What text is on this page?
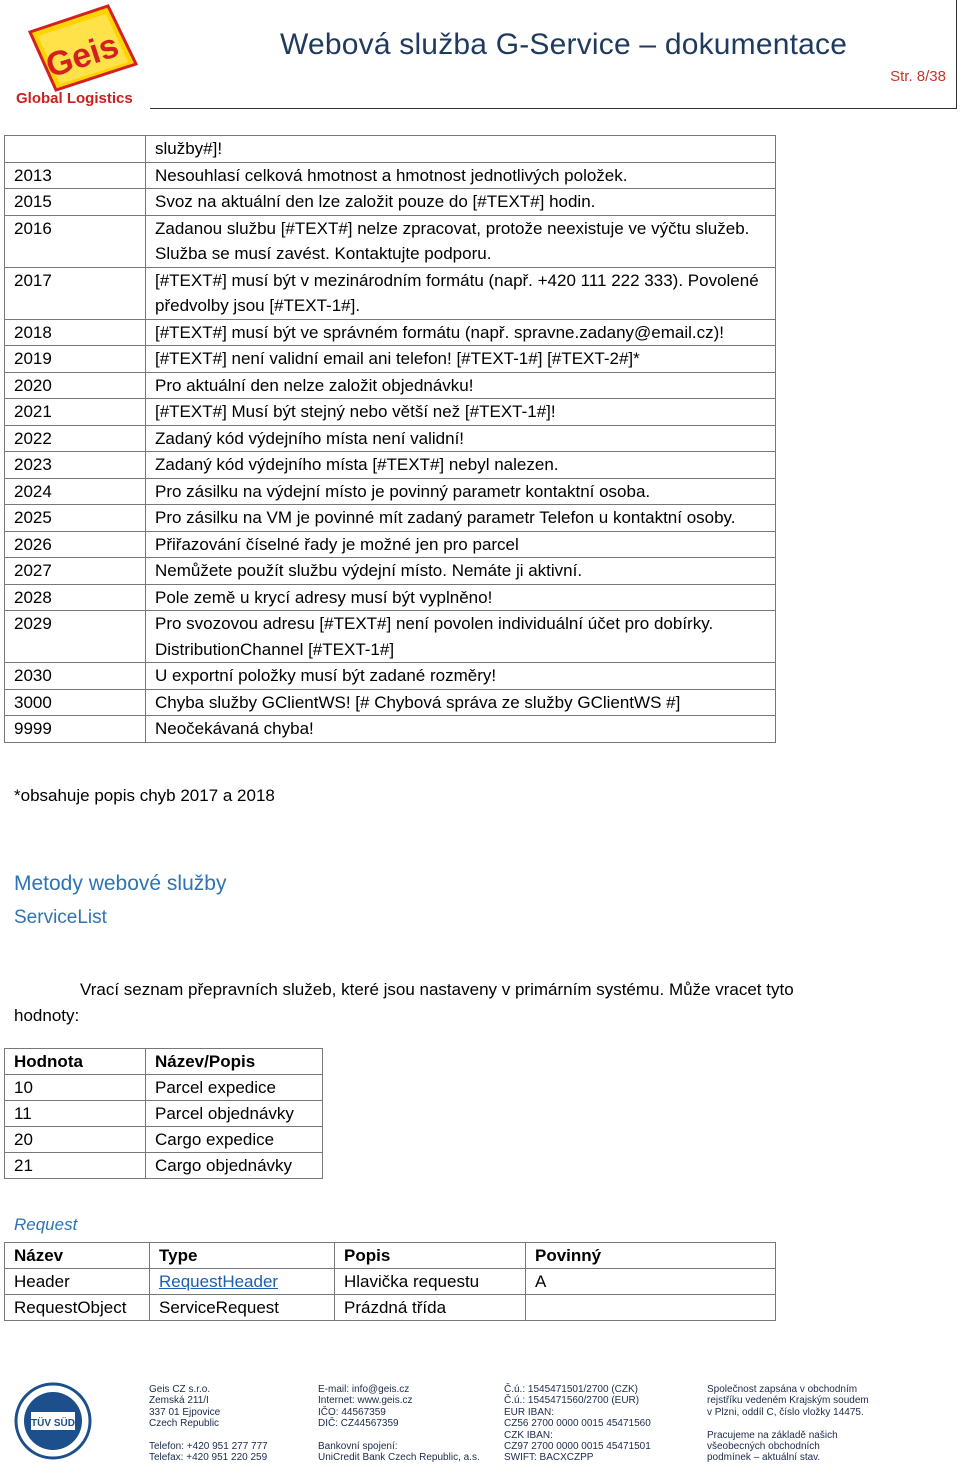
Geis
Global Logistics
Webová služba G-Service – dokumentace
Str. 8/38
	služby#]!
2013	Nesouhlasí celková hmotnost a hmotnost jednotlivých položek.
2015	Svoz na aktuální den lze založit pouze do [#TEXT#] hodin.
2016	Zadanou službu [#TEXT#] nelze zpracovat, protože neexistuje ve výčtu služeb. Služba se musí zavést. Kontaktujte podporu.
2017	[#TEXT#] musí být v mezinárodním formátu (např. +420 111 222 333). Povolené předvolby jsou [#TEXT-1#].
2018	[#TEXT#] musí být ve správném formátu (např. spravne.zadany@email.cz)!
2019	[#TEXT#] není validní email ani telefon! [#TEXT-1#] [#TEXT-2#]*
2020	Pro aktuální den nelze založit objednávku!
2021	[#TEXT#] Musí být stejný nebo větší než [#TEXT-1#]!
2022	Zadaný kód výdejního místa není validní!
2023	Zadaný kód výdejního místa [#TEXT#] nebyl nalezen.
2024	Pro zásilku na výdejní místo je povinný parametr kontaktní osoba.
2025	Pro zásilku na VM je povinné mít zadaný parametr Telefon u kontaktní osoby.
2026	Přiřazování číselné řady je možné jen pro parcel
2027	Nemůžete použít službu výdejní místo. Nemáte ji aktivní.
2028	Pole země u krycí adresy musí být vyplněno!
2029	Pro svozovou adresu [#TEXT#] není povolen individuální účet pro dobírky. DistributionChannel [#TEXT-1#]
2030	U exportní položky musí být zadané rozměry!
3000	Chyba služby GClientWS! [# Chybová správa ze služby GClientWS #]
9999	Neočekávaná chyba!
*obsahuje popis chyb 2017 a 2018
Metody webové služby
ServiceList
Vrací seznam přepravních služeb, které jsou nastaveny v primárním systému. Může vracet tyto
hodnoty:
Hodnota	Název/Popis
10	Parcel expedice
11	Parcel objednávky
20	Cargo expedice
21	Cargo objednávky
Request
Název	Type	Popis	Povinný
Header	RequestHeader	Hlavička requestu	A
RequestObject	ServiceRequest	Prázdná třída	
TÜV SÜD
Geis CZ s.r.o.
Zemská 211/I
337 01 Ejpovice
Czech Republic

Telefon: +420 951 277 777
Telefax: +420 951 220 259
E-mail: info@geis.cz
Internet: www.geis.cz
IČO: 44567359
DIČ: CZ44567359

Bankovní spojení:
UniCredit Bank Czech Republic, a.s.
Č.ú.: 1545471501/2700 (CZK)
Č.ú.: 1545471560/2700 (EUR)
EUR IBAN:
CZ56 2700 0000 0015 45471560
CZK IBAN:
CZ97 2700 0000 0015 45471501
SWIFT: BACXCZPP
Společnost zapsána v obchodním
rejstříku vedeném Krajským soudem
v Plzni, oddíl C, číslo vložky 14475.

Pracujeme na základě našich
všeobecných obchodních
podmínek – aktuální stav.
